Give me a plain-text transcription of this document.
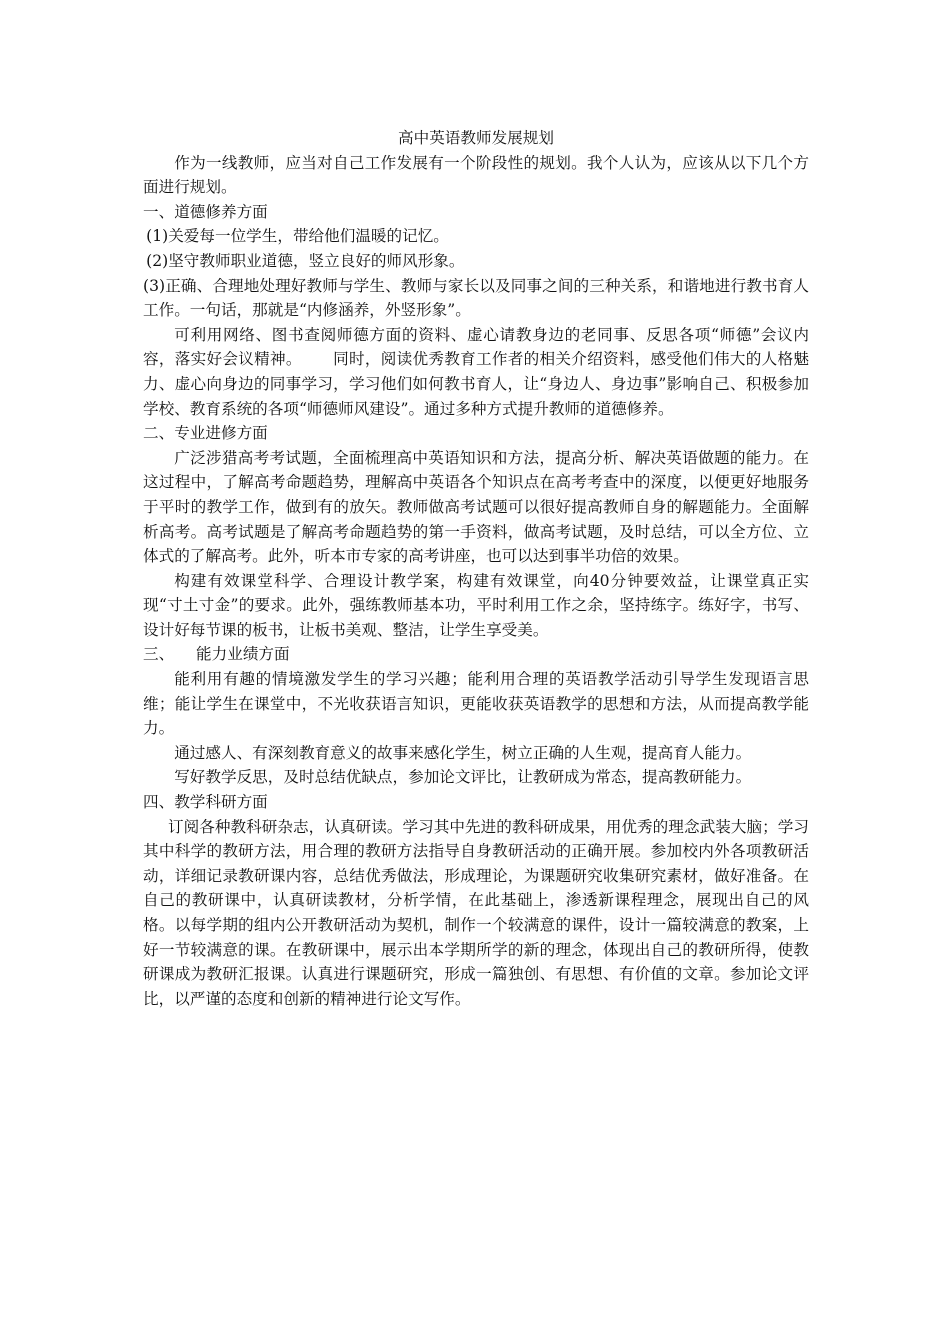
高中英语教师发展规划

作为一线教师，应当对自己工作发展有一个阶段性的规划。我个人认为，应该从以下几个方面进行规划。

一、道德修养方面

(1)关爱每一位学生，带给他们温暖的记忆。

(2)坚守教师职业道德，竖立良好的师风形象。

(3)正确、合理地处理好教师与学生、教师与家长以及同事之间的三种关系，和谐地进行教书育人工作。一句话，那就是“内修涵养，外竖形象”。

可利用网络、图书查阅师德方面的资料、虚心请教身边的老同事、反思各项“师德”会议内容，落实好会议精神。 同时，阅读优秀教育工作者的相关介绍资料，感受他们伟大的人格魅力、虚心向身边的同事学习，学习他们如何教书育人，让“身边人、身边事”影响自己、积极参加学校、教育系统的各项“师德师风建设”。通过多种方式提升教师的道德修养。

二、专业进修方面

广泛涉猎高考考试题，全面梳理高中英语知识和方法，提高分析、解决英语做题的能力。在这过程中，了解高考命题趋势，理解高中英语各个知识点在高考考查中的深度，以便更好地服务于平时的教学工作，做到有的放矢。教师做高考试题可以很好提高教师自身的解题能力。全面解析高考。高考试题是了解高考命题趋势的第一手资料，做高考试题，及时总结，可以全方位、立体式的了解高考。此外，听本市专家的高考讲座，也可以达到事半功倍的效果。

构建有效课堂科学、合理设计教学案，构建有效课堂，向40分钟要效益，让课堂真正实现“寸土寸金”的要求。此外，强练教师基本功，平时利用工作之余，坚持练字。练好字，书写、设计好每节课的板书，让板书美观、整洁，让学生享受美。

三、 能力业绩方面

能利用有趣的情境激发学生的学习兴趣；能利用合理的英语教学活动引导学生发现语言思维；能让学生在课堂中，不光收获语言知识，更能收获英语教学的思想和方法，从而提高教学能力。

通过感人、有深刻教育意义的故事来感化学生，树立正确的人生观，提高育人能力。

写好教学反思，及时总结优缺点，参加论文评比，让教研成为常态，提高教研能力。

四、教学科研方面

订阅各种教科研杂志，认真研读。学习其中先进的教科研成果，用优秀的理念武装大脑；学习其中科学的教研方法，用合理的教研方法指导自身教研活动的正确开展。参加校内外各项教研活动，详细记录教研课内容，总结优秀做法，形成理论，为课题研究收集研究素材，做好准备。在自己的教研课中，认真研读教材，分析学情，在此基础上，渗透新课程理念，展现出自己的风格。以每学期的组内公开教研活动为契机，制作一个较满意的课件，设计一篇较满意的教案，上好一节较满意的课。在教研课中，展示出本学期所学的新的理念，体现出自己的教研所得，使教研课成为教研汇报课。认真进行课题研究，形成一篇独创、有思想、有价值的文章。参加论文评比，以严谨的态度和创新的精神进行论文写作。
